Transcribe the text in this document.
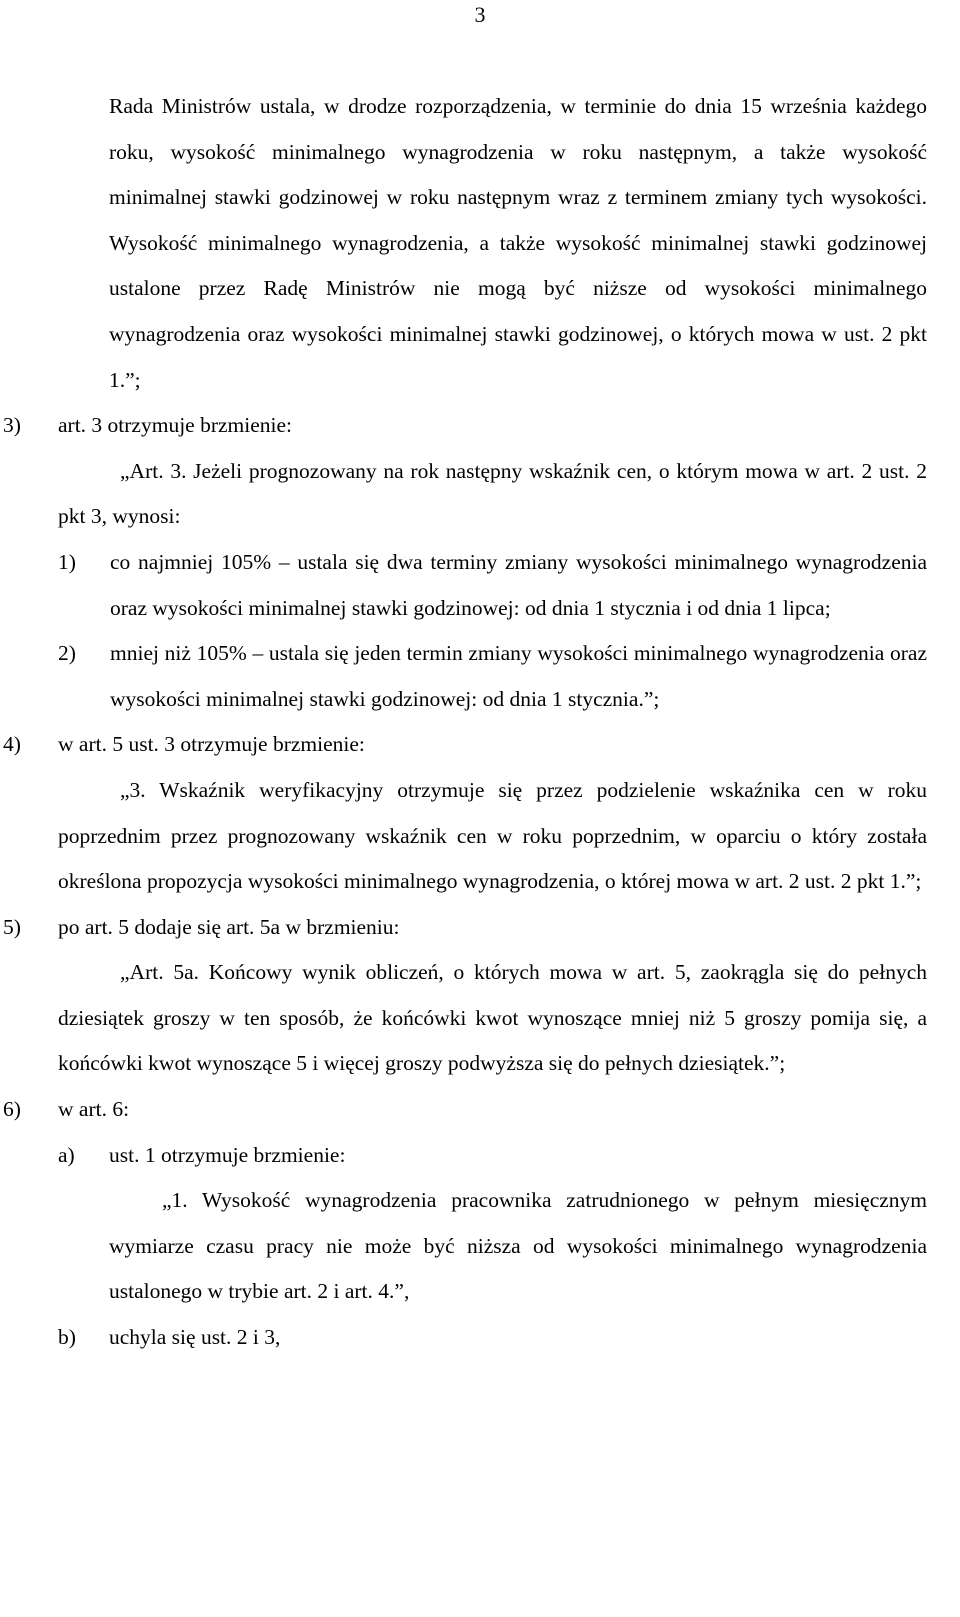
3
Rada Ministrów ustala, w drodze rozporządzenia, w terminie do dnia 15 września każdego roku, wysokość minimalnego wynagrodzenia w roku następnym, a także wysokość minimalnej stawki godzinowej w roku następnym wraz z terminem zmiany tych wysokości. Wysokość minimalnego wynagrodzenia, a także wysokość minimalnej stawki godzinowej ustalone przez Radę Ministrów nie mogą być niższe od wysokości minimalnego wynagrodzenia oraz wysokości minimalnej stawki godzinowej, o których mowa w ust. 2 pkt 1.”;
3)	art. 3 otrzymuje brzmienie:
„Art. 3. Jeżeli prognozowany na rok następny wskaźnik cen, o którym mowa w art. 2 ust. 2 pkt 3, wynosi:
1)	co najmniej 105% – ustala się dwa terminy zmiany wysokości minimalnego wynagrodzenia oraz wysokości minimalnej stawki godzinowej: od dnia 1 stycznia i od dnia 1 lipca;
2)	mniej niż 105% – ustala się jeden termin zmiany wysokości minimalnego wynagrodzenia oraz wysokości minimalnej stawki godzinowej: od dnia 1 stycznia.”;
4)	w art. 5 ust. 3 otrzymuje brzmienie:
„3. Wskaźnik weryfikacyjny otrzymuje się przez podzielenie wskaźnika cen w roku poprzednim przez prognozowany wskaźnik cen w roku poprzednim, w oparciu o który została określona propozycja wysokości minimalnego wynagrodzenia, o której mowa w art. 2 ust. 2 pkt 1.”;
5)	po art. 5 dodaje się art. 5a w brzmieniu:
„Art. 5a. Końcowy wynik obliczeń, o których mowa w art. 5, zaokrągla się do pełnych dziesiątek groszy w ten sposób, że końcówki kwot wynoszące mniej niż 5 groszy pomija się, a końcówki kwot wynoszące 5 i więcej groszy podwyższa się do pełnych dziesiątek.”;
6)	w art. 6:
a)	ust. 1 otrzymuje brzmienie:
„1. Wysokość wynagrodzenia pracownika zatrudnionego w pełnym miesięcznym wymiarze czasu pracy nie może być niższa od wysokości minimalnego wynagrodzenia ustalonego w trybie art. 2 i art. 4.”,
b)	uchyla się ust. 2 i 3,
